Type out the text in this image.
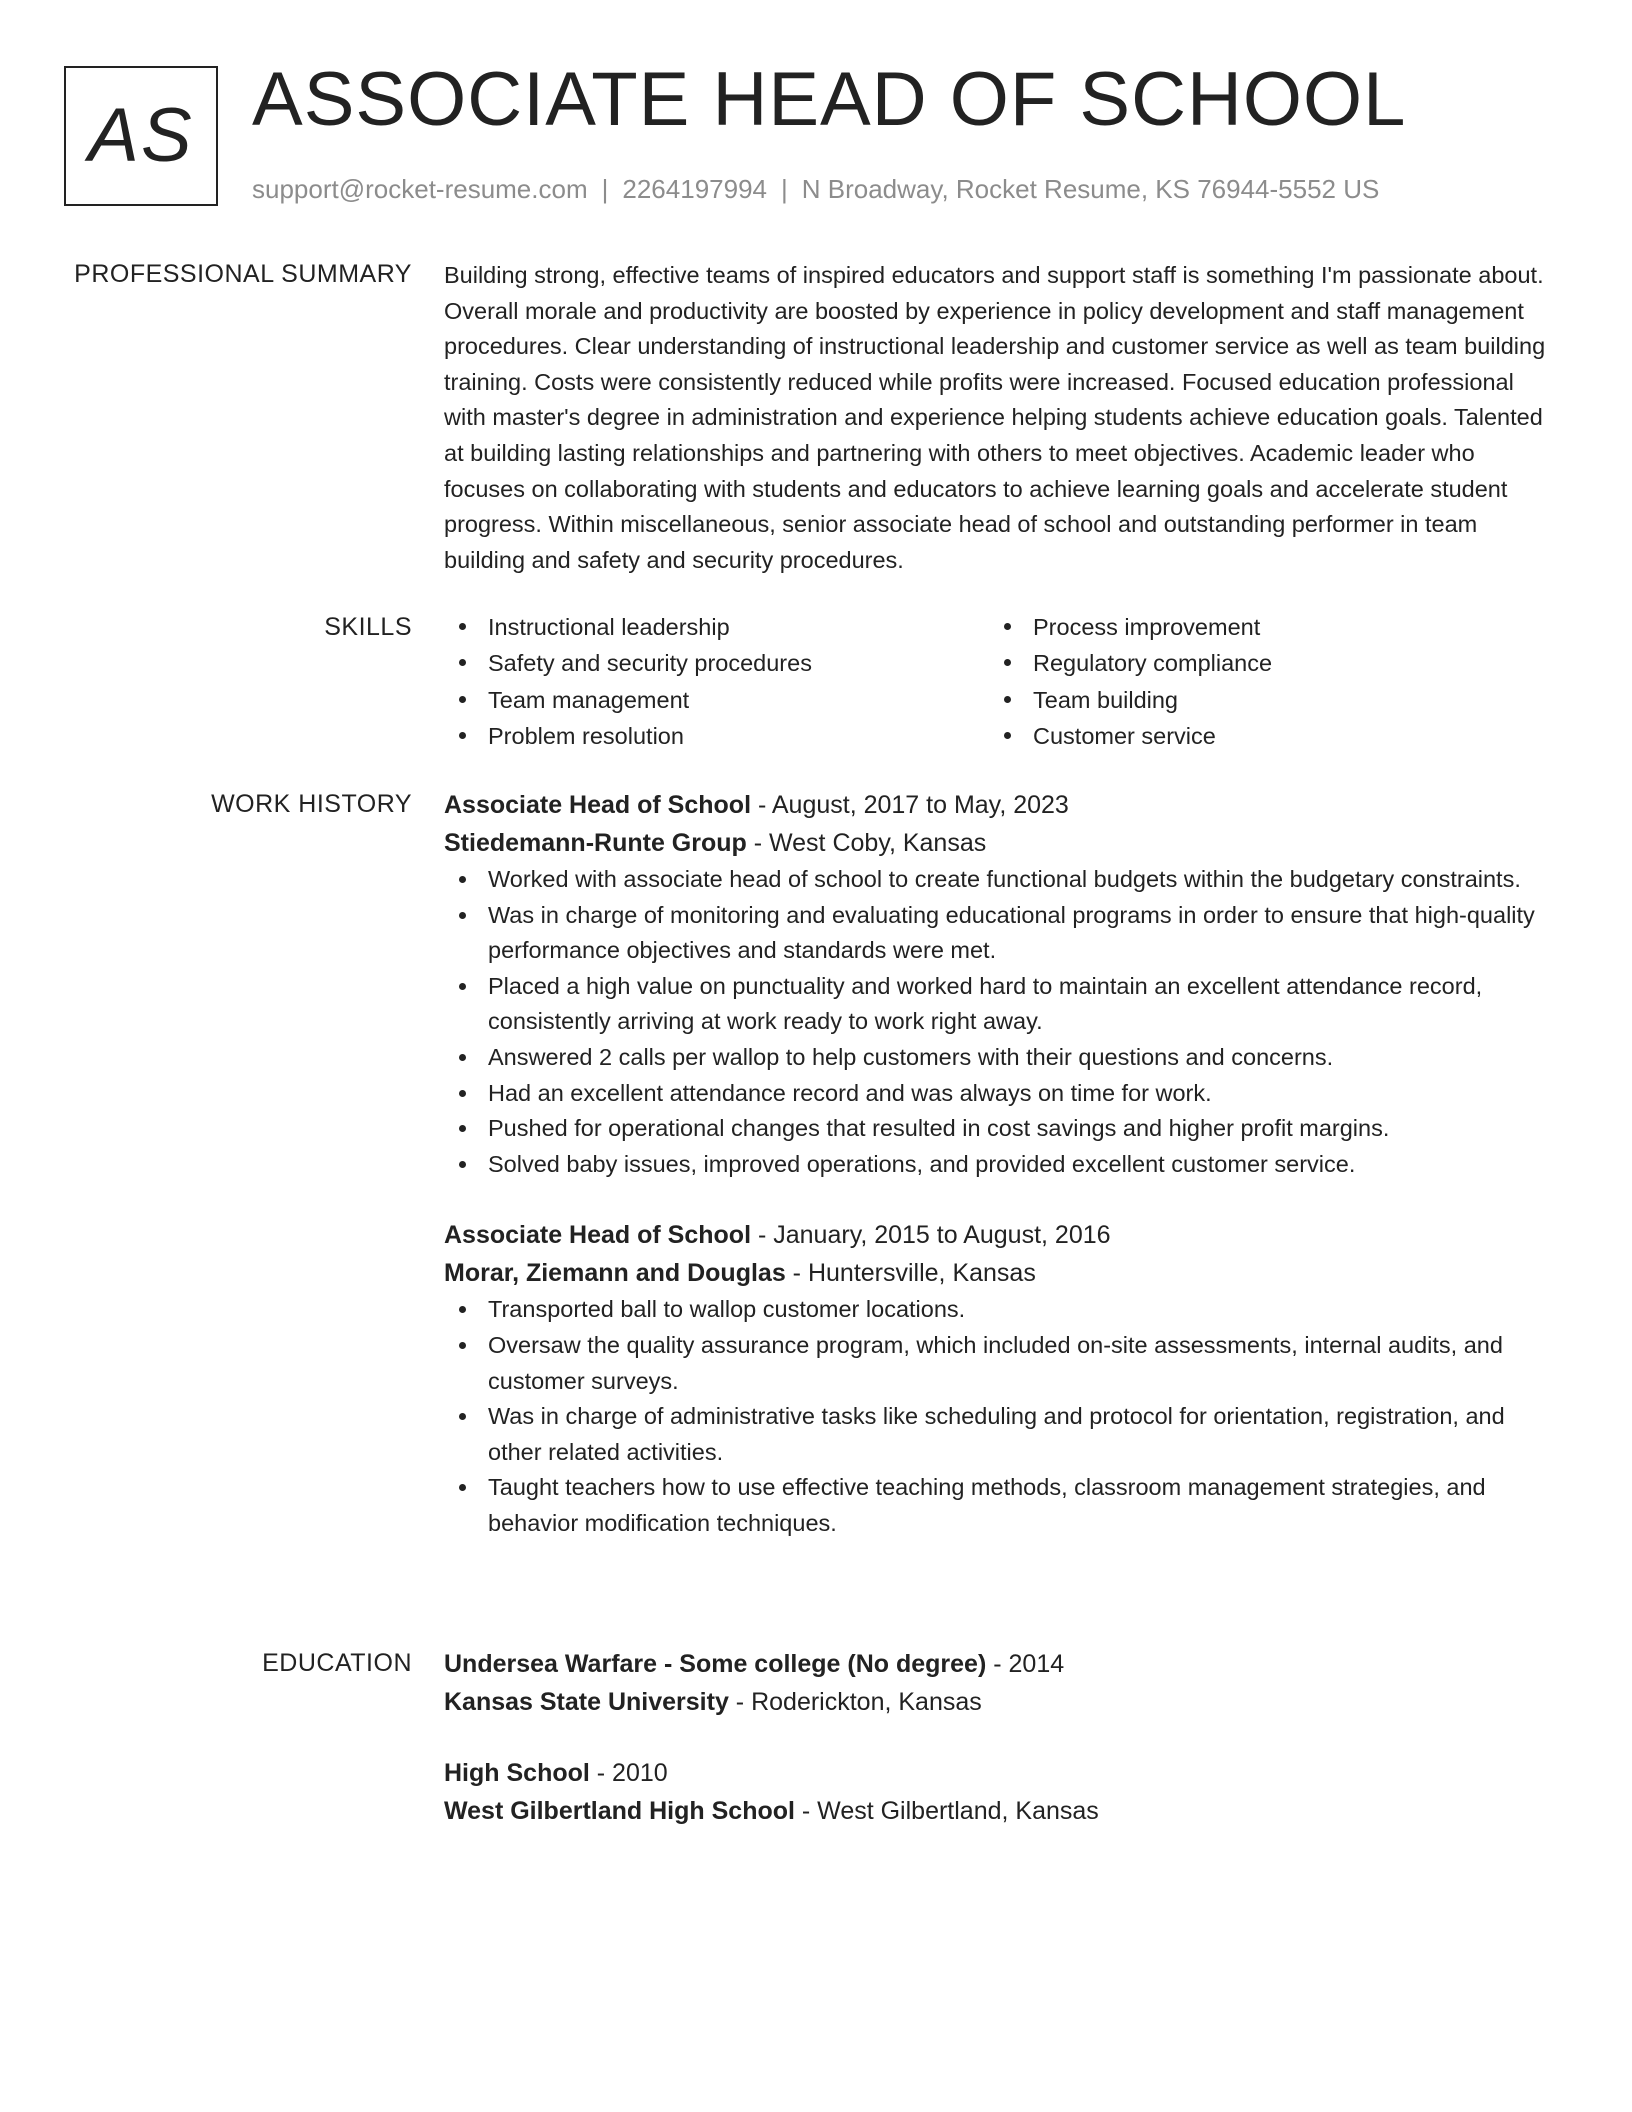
AS ASSOCIATE HEAD OF SCHOOL
support@rocket-resume.com | 2264197994 | N Broadway, Rocket Resume, KS 76944-5552 US
PROFESSIONAL SUMMARY Building strong, effective teams of inspired educators and support staff is something I'm passionate about. Overall morale and productivity are boosted by experience in policy development and staff management procedures. Clear understanding of instructional leadership and customer service as well as team building training. Costs were consistently reduced while profits were increased. Focused education professional with master's degree in administration and experience helping students achieve education goals. Talented at building lasting relationships and partnering with others to meet objectives. Academic leader who focuses on collaborating with students and educators to achieve learning goals and accelerate student progress. Within miscellaneous, senior associate head of school and outstanding performer in team building and safety and security procedures.

SKILLS	Instructional leadership
Safety and security procedures
Team management
Problem resolution
Process improvement
Regulatory compliance
Team building
Customer service
WORK HISTORY Associate Head of School - August, 2017 to May, 2023
Stiedemann-Runte Group - West Coby, Kansas
Worked with associate head of school to create functional budgets within the budgetary constraints.
Was in charge of monitoring and evaluating educational programs in order to ensure that high-quality performance objectives and standards were met.
Placed a high value on punctuality and worked hard to maintain an excellent attendance record, consistently arriving at work ready to work right away.
Answered 2 calls per wallop to help customers with their questions and concerns.
Had an excellent attendance record and was always on time for work.
Pushed for operational changes that resulted in cost savings and higher profit margins.
Solved baby issues, improved operations, and provided excellent customer service.
Associate Head of School - January, 2015 to August, 2016
Morar, Ziemann and Douglas - Huntersville, Kansas
Transported ball to wallop customer locations.
Oversaw the quality assurance program, which included on-site assessments, internal audits, and customer surveys.
Was in charge of administrative tasks like scheduling and protocol for orientation, registration, and other related activities.
Taught teachers how to use effective teaching methods, classroom management strategies, and behavior modification techniques.
EDUCATION Undersea Warfare - Some college (No degree) - 2014
Kansas State University - Roderickton, Kansas
High School - 2010
West Gilbertland High School - West Gilbertland, Kansas
